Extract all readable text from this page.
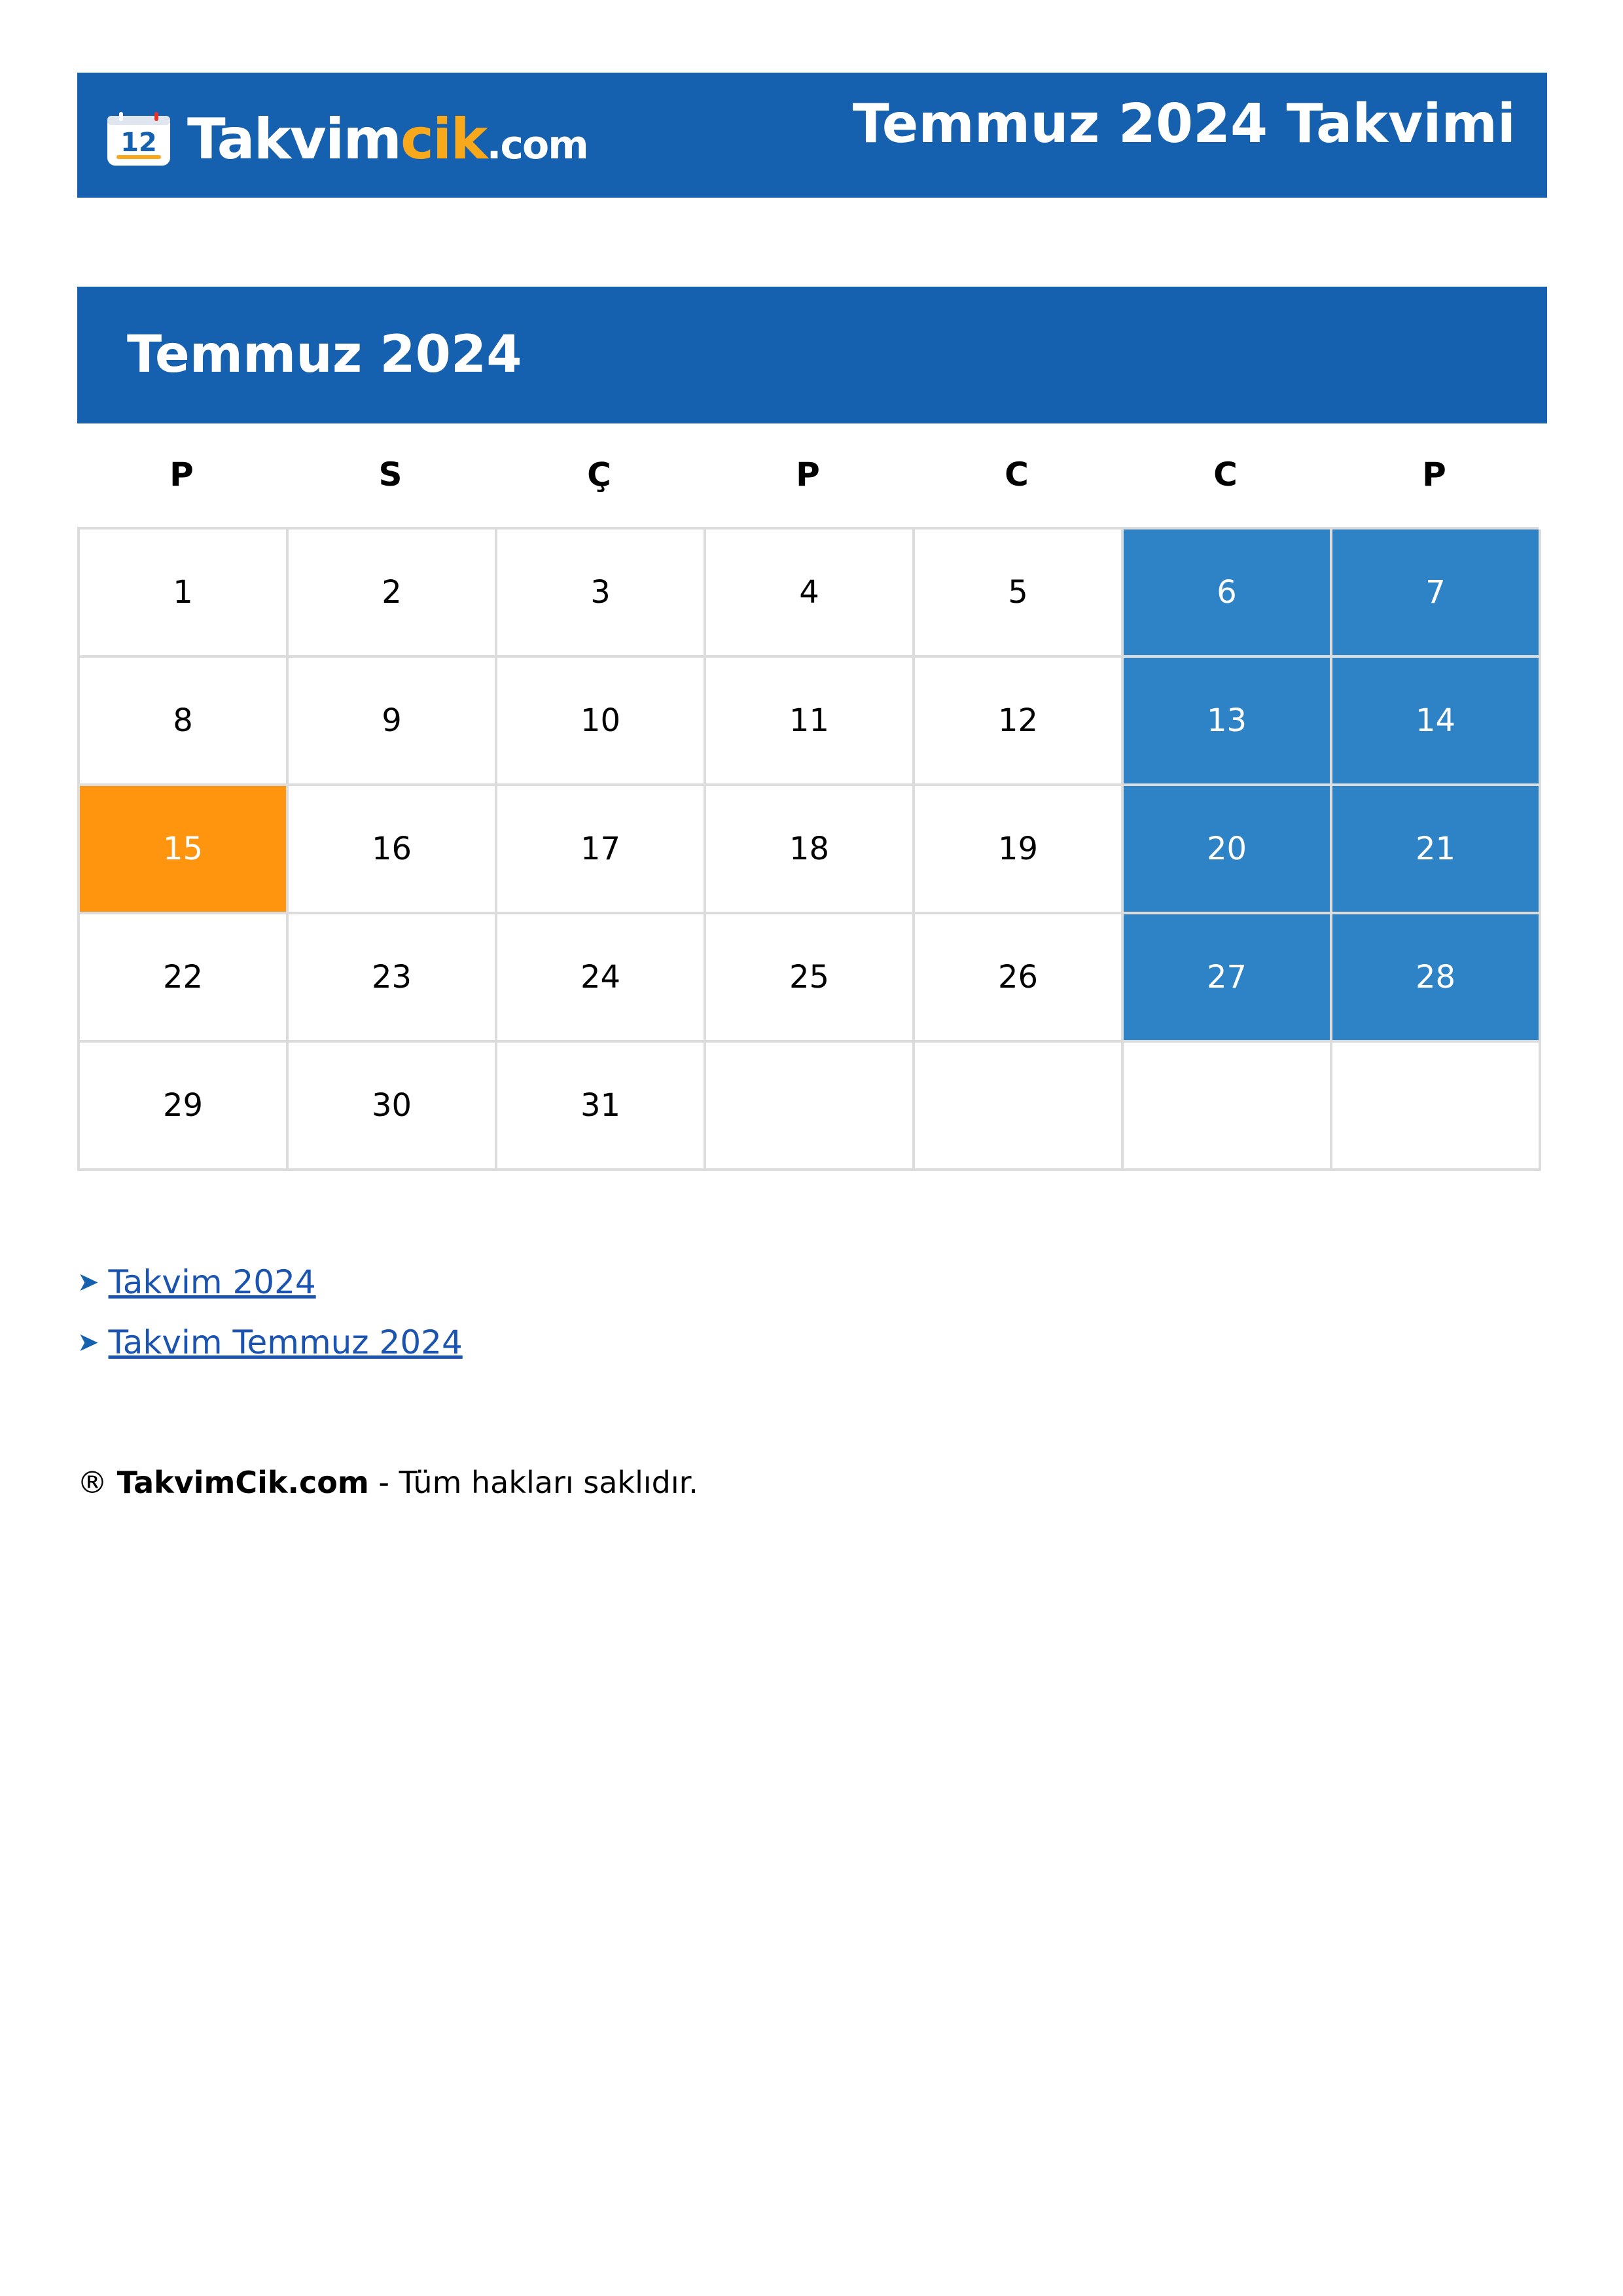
12 Takvimcik.com	Temmuz 2024 Takvimi
Temmuz 2024
P	S	Ç	P	C	C	P
1	2	3	4	5	6	7
8	9	10	11	12	13	14
15	16	17	18	19	20	21
22	23	24	25	26	27	28
29	30	31
➤ Takvim 2024
➤ Takvim Temmuz 2024
® TakvimCik.com - Tüm hakları saklıdır.
